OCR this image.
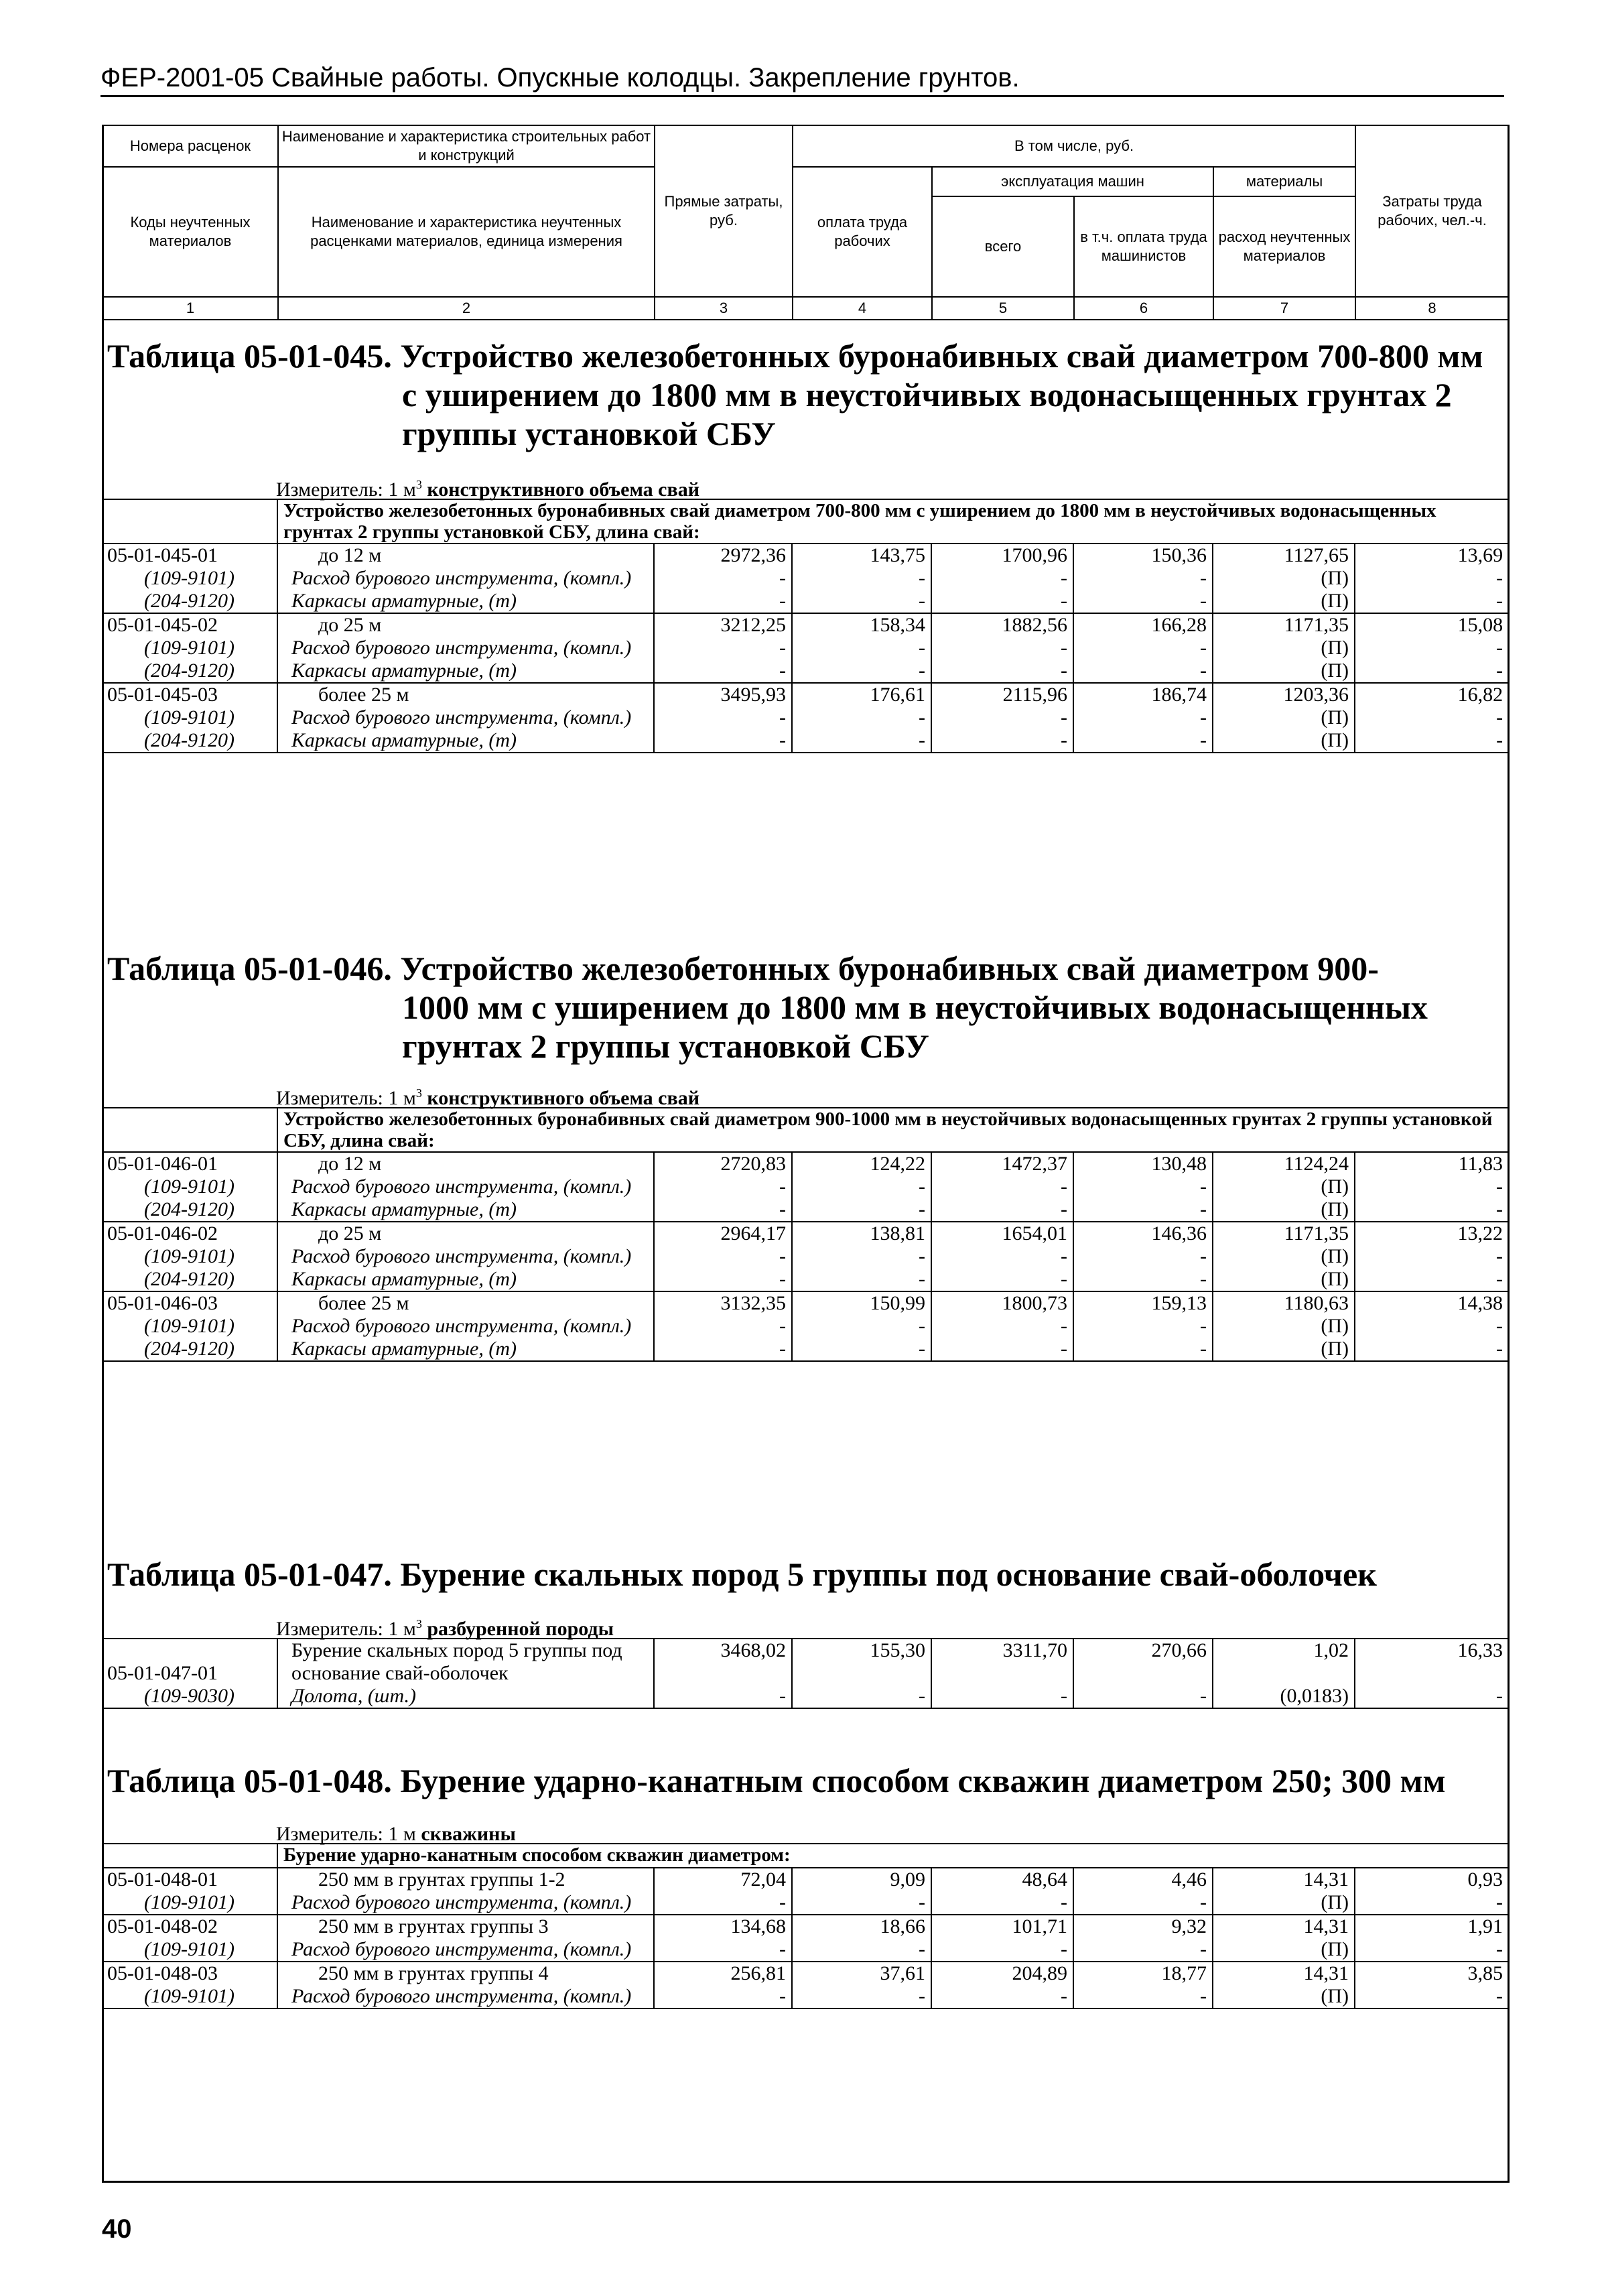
ФЕР-2001-05 Свайные работы. Опускные колодцы. Закрепление грунтов.
Номера расценок	Наименование и характеристика строительных работ и конструкций	Прямые затраты, руб.	В том числе, руб.				Затраты труда рабочих, чел.-ч.
Коды неучтенных материалов	Наименование и характеристика неучтенных расценками материалов, единица измерения		оплата труда рабочих	эксплуатация машин		материалы	
				всего	в т.ч. оплата труда машинистов	расход неучтенных материалов	
1	2	3	4	5	6	7	8
Таблица 05-01-045. Устройство железобетонных буронабивных свай диаметром 700-800 мм
с уширением до 1800 мм в неустойчивых водонасыщенных грунтах 2 группы установкой СБУ
Измеритель: 1 $м^3$ конструктивного объема свай
	Устройство железобетонных буронабивных свай диаметром 700-800 мм с уширением до 1800 мм в неустойчивых водонасыщенных грунтах 2 группы установкой СБУ, длина свай:						
05-01-045-01	до 12 м	2972,36	143,75	1700,96	150,36	1127,65	13,69
(109-9101)	Расход бурового инструмента, (компл.)	-	-	-	-	(П)	-
(204-9120)	Каркасы арматурные, (т)	-	-	-	-	(П)	-
05-01-045-02	до 25 м	3212,25	158,34	1882,56	166,28	1171,35	15,08
(109-9101)	Расход бурового инструмента, (компл.)	-	-	-	-	(П)	-
(204-9120)	Каркасы арматурные, (т)	-	-	-	-	(П)	-
05-01-045-03	более 25 м	3495,93	176,61	2115,96	186,74	1203,36	16,82
(109-9101)	Расход бурового инструмента, (компл.)	-	-	-	-	(П)	-
(204-9120)	Каркасы арматурные, (т)	-	-	-	-	(П)	-
Таблица 05-01-046. Устройство железобетонных буронабивных свай диаметром 900-
1000 мм с уширением до 1800 мм в неустойчивых водонасыщенных грунтах 2 группы установкой СБУ
Измеритель: 1 $м^3$ конструктивного объема свай
	Устройство железобетонных буронабивных свай диаметром 900-1000 мм в неустойчивых водонасыщенных грунтах 2 группы установкой СБУ, длина свай:						
05-01-046-01	до 12 м	2720,83	124,22	1472,37	130,48	1124,24	11,83
(109-9101)	Расход бурового инструмента, (компл.)	-	-	-	-	(П)	-
(204-9120)	Каркасы арматурные, (т)	-	-	-	-	(П)	-
05-01-046-02	до 25 м	2964,17	138,81	1654,01	146,36	1171,35	13,22
(109-9101)	Расход бурового инструмента, (компл.)	-	-	-	-	(П)	-
(204-9120)	Каркасы арматурные, (т)	-	-	-	-	(П)	-
05-01-046-03	более 25 м	3132,35	150,99	1800,73	159,13	1180,63	14,38
(109-9101)	Расход бурового инструмента, (компл.)	-	-	-	-	(П)	-
(204-9120)	Каркасы арматурные, (т)	-	-	-	-	(П)	-
Таблица 05-01-047. Бурение скальных пород 5 группы под основание свай-оболочек
Измеритель: 1 $м^3$ разбуренной породы
05-01-047-01	Бурение скальных пород 5 группы под основание свай-оболочек	3468,02	155,30	3311,70	270,66	1,02	16,33
(109-9030)	Долота, (шт.)	-	-	-	-	(0,0183)	-
Таблица 05-01-048. Бурение ударно-канатным способом скважин диаметром 250; 300 мм
Измеритель: 1 м скважины
	Бурение ударно-канатным способом скважин диаметром:						
05-01-048-01	250 мм в грунтах группы 1-2	72,04	9,09	48,64	4,46	14,31	0,93
(109-9101)	Расход бурового инструмента, (компл.)	-	-	-	-	(П)	-
05-01-048-02	250 мм в грунтах группы 3	134,68	18,66	101,71	9,32	14,31	1,91
(109-9101)	Расход бурового инструмента, (компл.)	-	-	-	-	(П)	-
05-01-048-03	250 мм в грунтах группы 4	256,81	37,61	204,89	18,77	14,31	3,85
(109-9101)	Расход бурового инструмента, (компл.)	-	-	-	-	(П)	-
40
